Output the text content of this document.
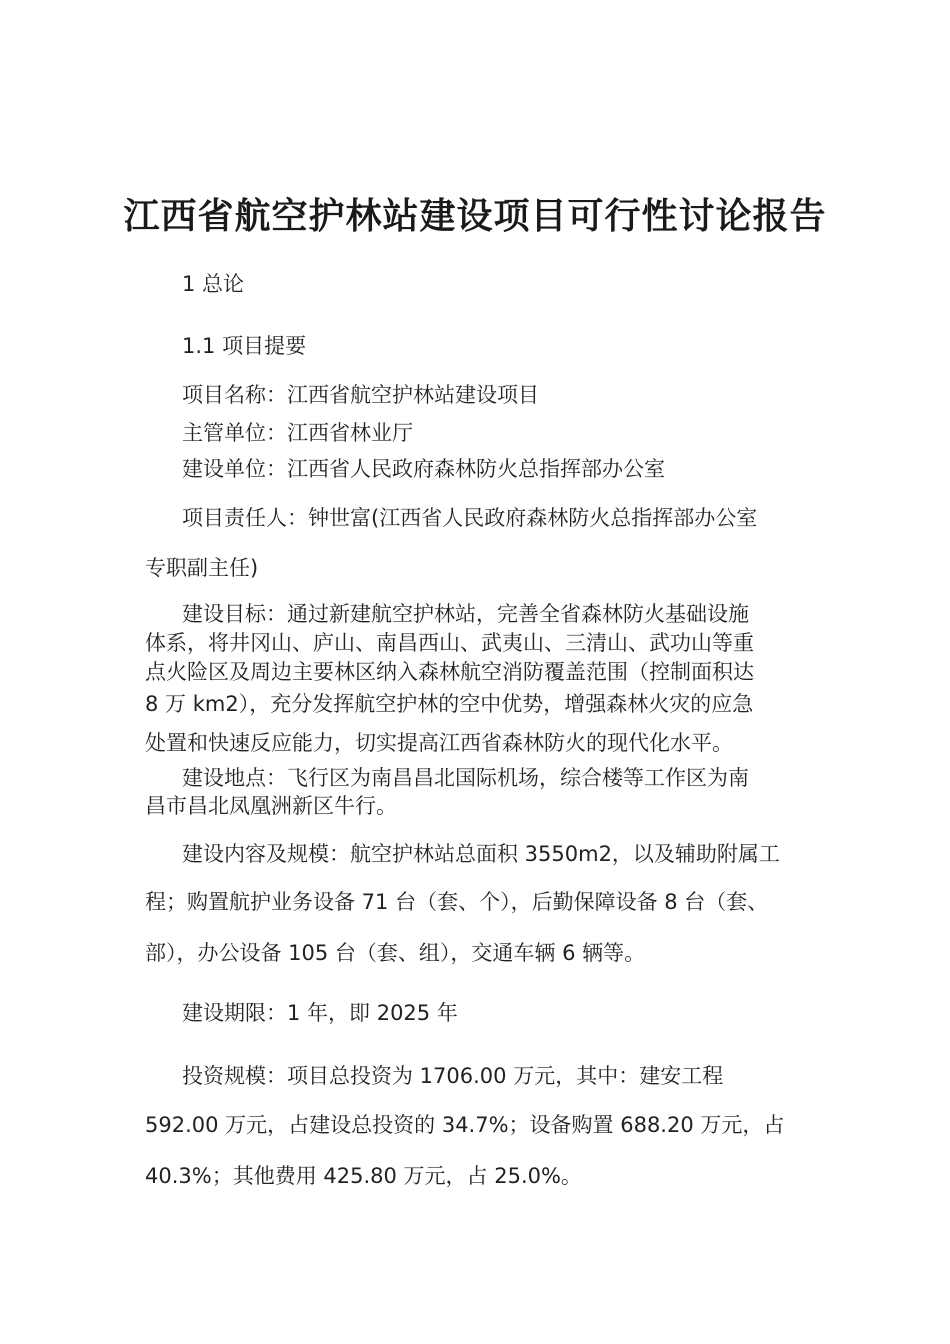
江西省航空护林站建设项目可行性讨论报告
1 总论
1.1 项目提要
项目名称：江西省航空护林站建设项目
主管单位：江西省林业厅
建设单位：江西省人民政府森林防火总指挥部办公室
项目责任人：钟世富(江西省人民政府森林防火总指挥部办公室
专职副主任)
建设目标：通过新建航空护林站，完善全省森林防火基础设施
体系，将井冈山、庐山、南昌西山、武夷山、三清山、武功山等重
点火险区及周边主要林区纳入森林航空消防覆盖范围（控制面积达
8 万 km2），充分发挥航空护林的空中优势，增强森林火灾的应急
处置和快速反应能力，切实提高江西省森林防火的现代化水平。
建设地点：飞行区为南昌昌北国际机场，综合楼等工作区为南
昌市昌北凤凰洲新区牛行。
建设内容及规模：航空护林站总面积 3550m2，以及辅助附属工
程；购置航护业务设备 71 台（套、个），后勤保障设备 8 台（套、
部），办公设备 105 台（套、组），交通车辆 6 辆等。
建设期限：1 年，即 2025 年
投资规模：项目总投资为 1706.00 万元，其中：建安工程
592.00 万元，占建设总投资的 34.7%；设备购置 688.20 万元，占
40.3%；其他费用 425.80 万元，占 25.0%。
